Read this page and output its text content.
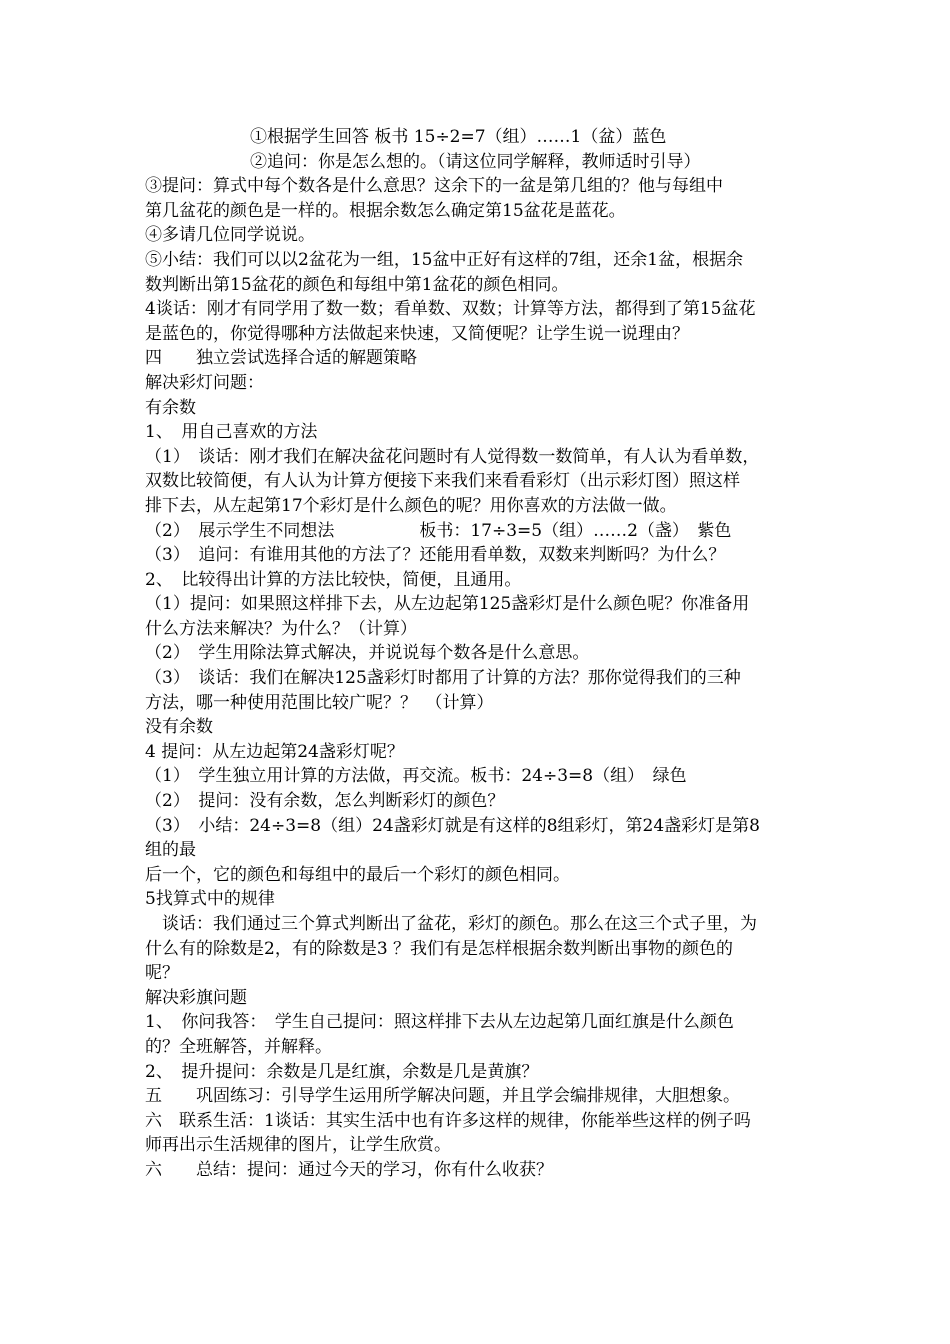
①根据学生回答 板书 15÷2=7（组）……1（盆）蓝色
②追问：你是怎么想的。（请这位同学解释，教师适时引导）
③提问：算式中每个数各是什么意思？这余下的一盆是第几组的？他与每组中
第几盆花的颜色是一样的。根据余数怎么确定第15盆花是蓝花。
④多请几位同学说说。
⑤小结：我们可以以2盆花为一组，15盆中正好有这样的7组，还余1盆，根据余
数判断出第15盆花的颜色和每组中第1盆花的颜色相同。
4谈话：刚才有同学用了数一数；看单数、双数；计算等方法，都得到了第15盆花
是蓝色的，你觉得哪种方法做起来快速，又简便呢？让学生说一说理由？
四　　独立尝试选择合适的解题策略
解决彩灯问题：
有余数
1、　用自己喜欢的方法
（1）　谈话：刚才我们在解决盆花问题时有人觉得数一数简单，有人认为看单数，
双数比较简便，有人认为计算方便接下来我们来看看彩灯（出示彩灯图）照这样
排下去，从左起第17个彩灯是什么颜色的呢？用你喜欢的方法做一做。
（2）　展示学生不同想法　　　　　板书：17÷3=5（组）……2（盏）　紫色
（3）　追问：有谁用其他的方法了？还能用看单数，双数来判断吗？为什么？
2、　比较得出计算的方法比较快，简便，且通用。
（1）提问：如果照这样排下去，从左边起第125盏彩灯是什么颜色呢？你准备用
什么方法来解决？为什么？（计算）
（2）　学生用除法算式解决，并说说每个数各是什么意思。
（3）　谈话：我们在解决125盏彩灯时都用了计算的方法？那你觉得我们的三种
方法，哪一种使用范围比较广呢？？　（计算）
没有余数
4 提问：从左边起第24盏彩灯呢？
（1）　学生独立用计算的方法做，再交流。板书：24÷3=8（组）　绿色
（2）　提问：没有余数，怎么判断彩灯的颜色？
（3）　小结：24÷3=8（组）24盏彩灯就是有这样的8组彩灯，第24盏彩灯是第8
组的最
后一个，它的颜色和每组中的最后一个彩灯的颜色相同。
5找算式中的规律
谈话：我们通过三个算式判断出了盆花，彩灯的颜色。那么在这三个式子里，为
什么有的除数是2，有的除数是3 ？我们有是怎样根据余数判断出事物的颜色的
呢？
解决彩旗问题
1、　你问我答：　学生自己提问：照这样排下去从左边起第几面红旗是什么颜色
的？全班解答，并解释。
2、　提升提问：余数是几是红旗，余数是几是黄旗？
五　　巩固练习：引导学生运用所学解决问题，并且学会编排规律，大胆想象。
六　联系生活：1谈话：其实生活中也有许多这样的规律，你能举些这样的例子吗
师再出示生活规律的图片，让学生欣赏。
六　　总结：提问：通过今天的学习，你有什么收获？
